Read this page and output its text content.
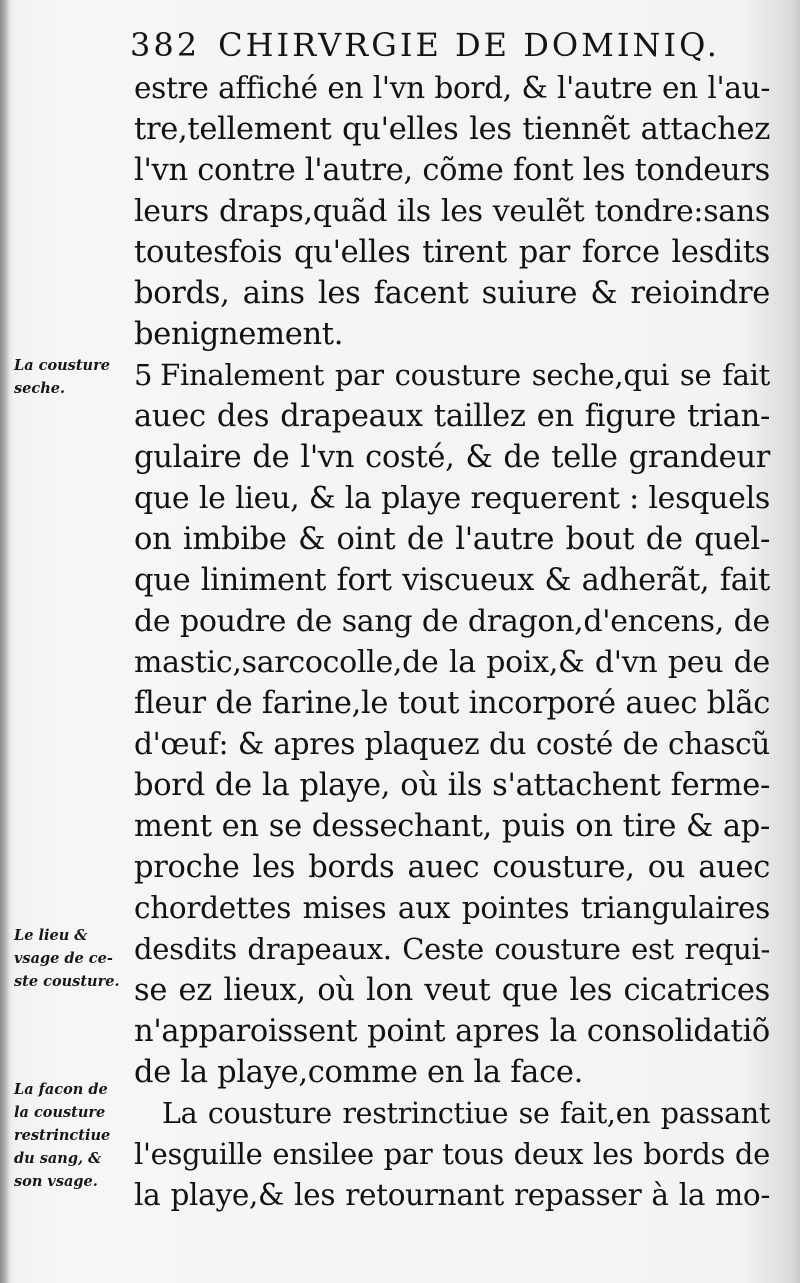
382 CHIRVRGIE DE DOMINIQ.
La cousture
seche.
Le lieu &
vsage de ce-
ste cousture.
La facon de
la cousture
restrinctiue
du sang, &
son vsage.
estre affiché en l'vn bord, & l'autre en l'au-
tre,tellement qu'elles les tiennẽt attachez
l'vn contre l'autre, cõme font les tondeurs
leurs draps,quãd ils les veulẽt tondre:sans
toutesfois qu'elles tirent par force lesdits
bords, ains les facent suiure & reioindre
benignement.
5 Finalement par cousture seche,qui se fait
auec des drapeaux taillez en figure trian-
gulaire de l'vn costé, & de telle grandeur
que le lieu, & la playe requerent : lesquels
on imbibe & oint de l'autre bout de quel-
que liniment fort viscueux & adherãt, fait
de poudre de sang de dragon,d'encens, de
mastic,sarcocolle,de la poix,& d'vn peu de
fleur de farine,le tout incorporé auec blãc
d'œuf: & apres plaquez du costé de chascũ
bord de la playe, où ils s'attachent ferme-
ment en se dessechant, puis on tire & ap-
proche les bords auec cousture, ou auec
chordettes mises aux pointes triangulaires
desdits drapeaux. Ceste cousture est requi-
se ez lieux, où lon veut que les cicatrices
n'apparoissent point apres la consolidatiõ
de la playe,comme en la face.
La cousture restrinctiue se fait,en passant
l'esguille ensilee par tous deux les bords de
la playe,& les retournant repasser à la mo-
